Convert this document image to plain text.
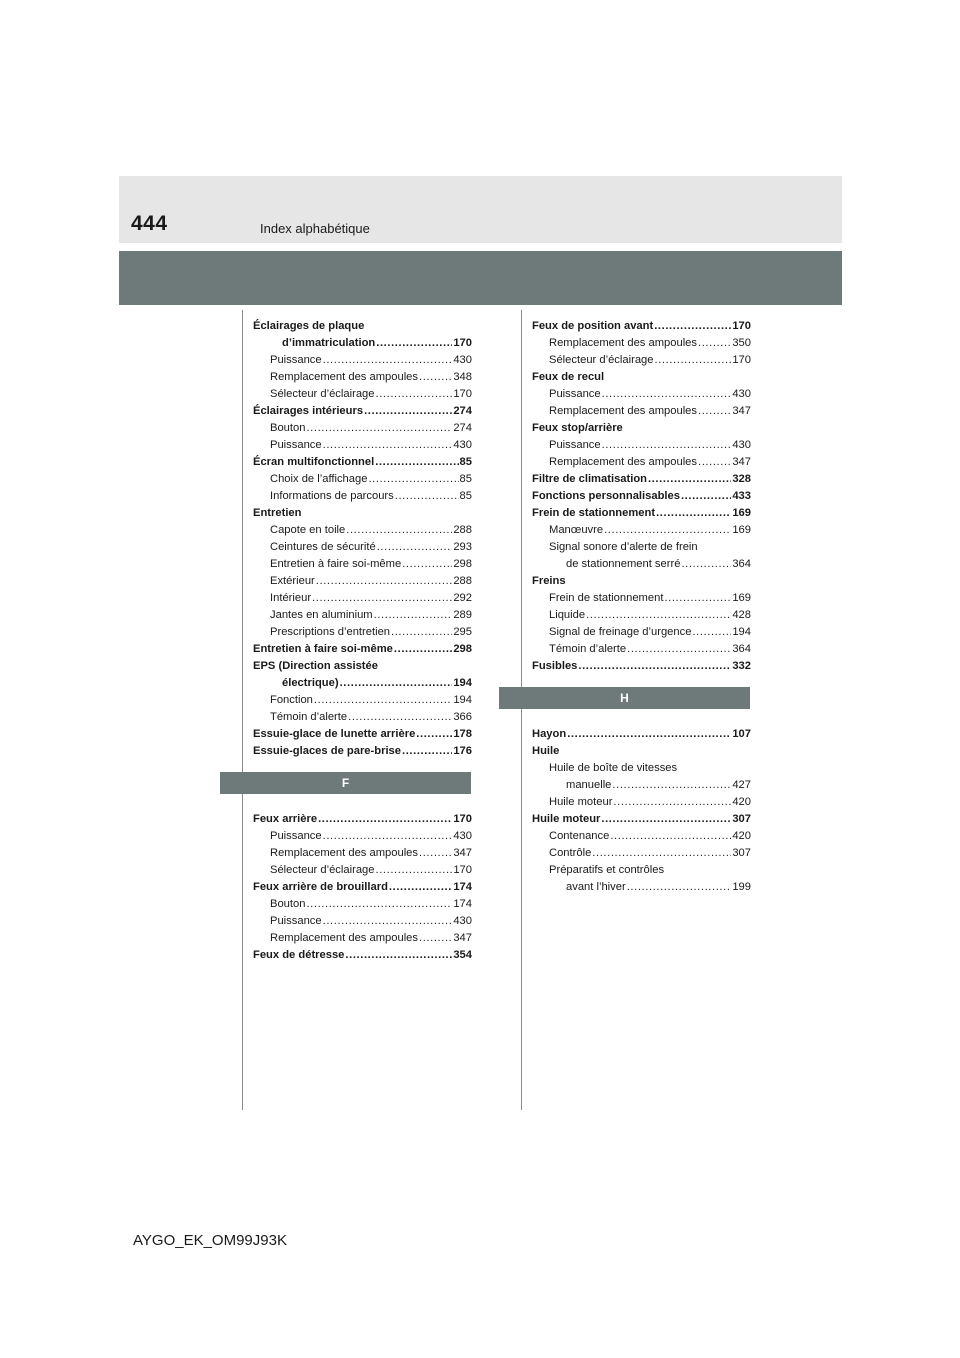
444	Index alphabétique
Éclairages de plaque
d’immatriculation .....	170
Puissance .....	430
Remplacement des ampoules .....	348
Sélecteur d’éclairage .....	170
Éclairages intérieurs .....	274
Bouton .....	274
Puissance .....	430
Écran multifonctionnel .....	85
Choix de l’affichage .....	85
Informations de parcours .....	85
Entretien
Capote en toile .....	288
Ceintures de sécurité .....	293
Entretien à faire soi-même .....	298
Extérieur .....	288
Intérieur .....	292
Jantes en aluminium .....	289
Prescriptions d’entretien .....	295
Entretien à faire soi-même .....	298
EPS (Direction assistée
électrique) .....	194
Fonction .....	194
Témoin d’alerte .....	366
Essuie-glace de lunette arrière .....	178
Essuie-glaces de pare-brise .....	176
F
Feux arrière .....	170
Puissance .....	430
Remplacement des ampoules .....	347
Sélecteur d’éclairage .....	170
Feux arrière de brouillard .....	174
Bouton .....	174
Puissance .....	430
Remplacement des ampoules .....	347
Feux de détresse .....	354
Feux de position avant .....	170
Remplacement des ampoules .....	350
Sélecteur d’éclairage .....	170
Feux de recul
Puissance .....	430
Remplacement des ampoules .....	347
Feux stop/arrière
Puissance .....	430
Remplacement des ampoules .....	347
Filtre de climatisation .....	328
Fonctions personnalisables .....	433
Frein de stationnement .....	169
Manœuvre .....	169
Signal sonore d’alerte de frein
de stationnement serré .....	364
Freins
Frein de stationnement .....	169
Liquide .....	428
Signal de freinage d’urgence .....	194
Témoin d’alerte .....	364
Fusibles .....	332
H
Hayon .....	107
Huile
Huile de boîte de vitesses
manuelle .....	427
Huile moteur .....	420
Huile moteur .....	307
Contenance .....	420
Contrôle .....	307
Préparatifs et contrôles
avant l’hiver .....	199
AYGO_EK_OM99J93K
